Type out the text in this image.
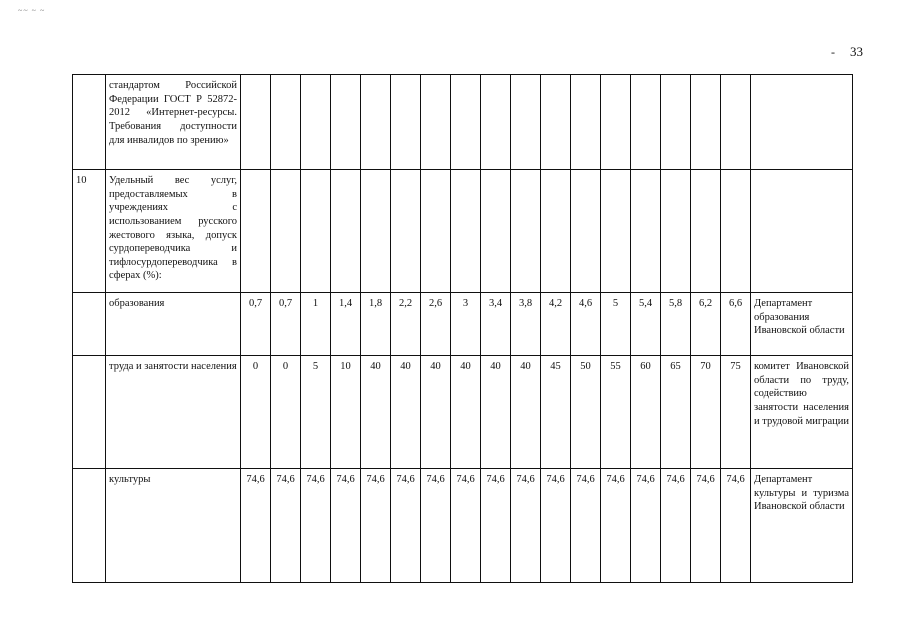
~~ ~ ~
- 33
	стандартом Российской Федерации ГОСТ Р 52872-2012 «Интернет-ресурсы. Требования доступности для инвалидов по зрению»																		
10	Удельный вес услуг, предоставляемых в учреждениях с использованием русского жестового языка, допуск сурдопереводчика и тифлосурдопереводчика в сферах (%):																		
	образования	0,7	0,7	1	1,4	1,8	2,2	2,6	3	3,4	3,8	4,2	4,6	5	5,4	5,8	6,2	6,6	Департамент образования Ивановской области
	труда и занятости населения	0	0	5	10	40	40	40	40	40	40	45	50	55	60	65	70	75	комитет Ивановской области по труду, содействию занятости населения и трудовой миграции
	культуры	74,6	74,6	74,6	74,6	74,6	74,6	74,6	74,6	74,6	74,6	74,6	74,6	74,6	74,6	74,6	74,6	74,6	Департамент культуры и туризма Ивановской области
